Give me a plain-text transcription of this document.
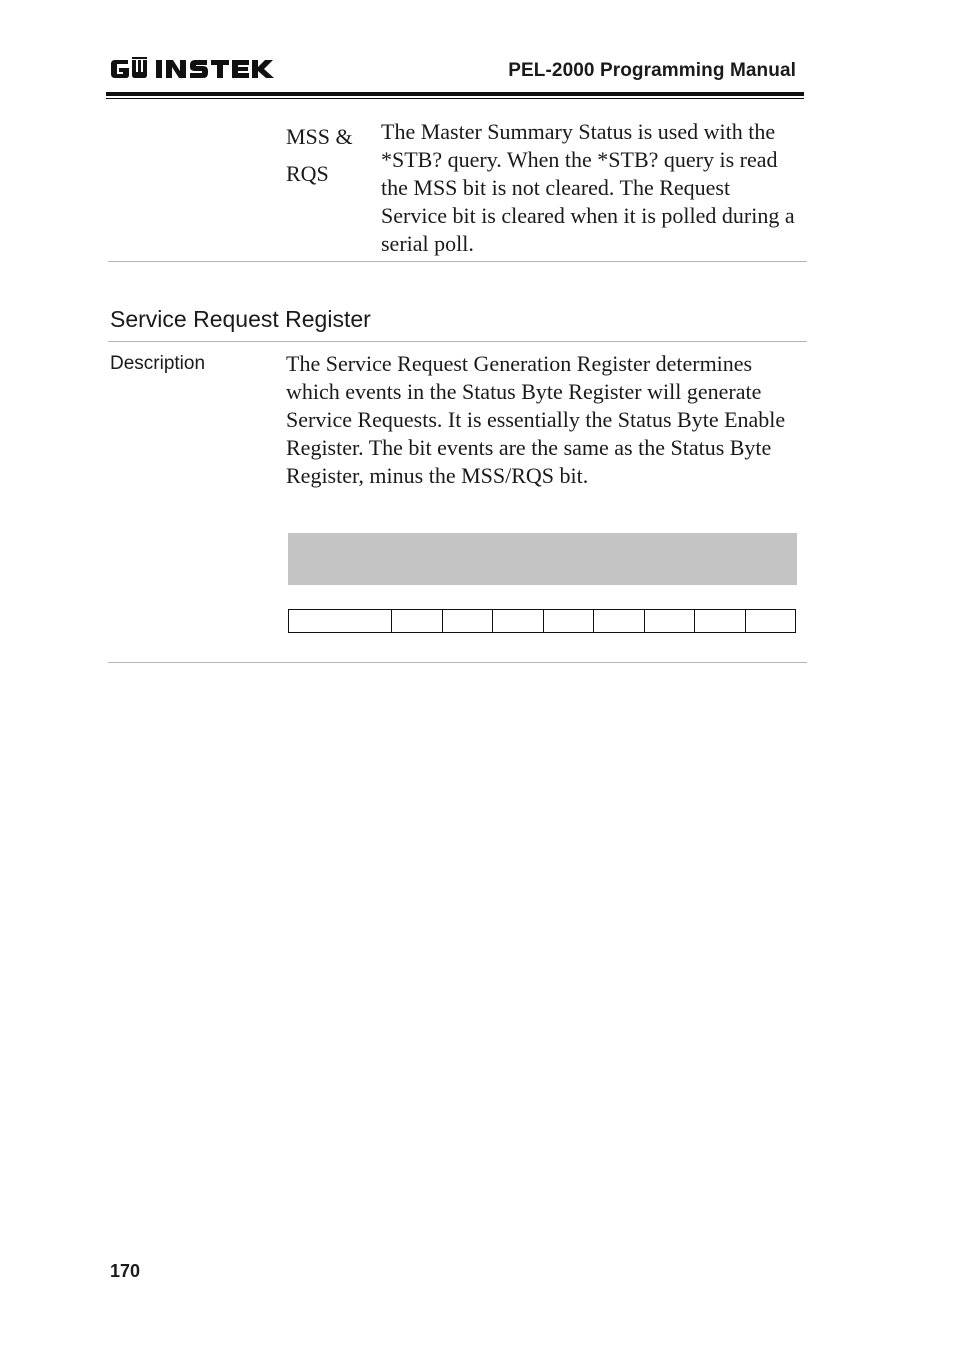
PEL-2000 Programming Manual
MSS &
RQS
The Master Summary Status is used with the *STB? query. When the *STB? query is read the MSS bit is not cleared. The Request Service bit is cleared when it is polled during a serial poll.
Service Request Register
Description	The Service Request Generation Register determines which events in the Status Byte Register will generate Service Requests. It is essentially the Status Byte Enable Register. The bit events are the same as the Status Byte Register, minus the MSS/RQS bit.
170
